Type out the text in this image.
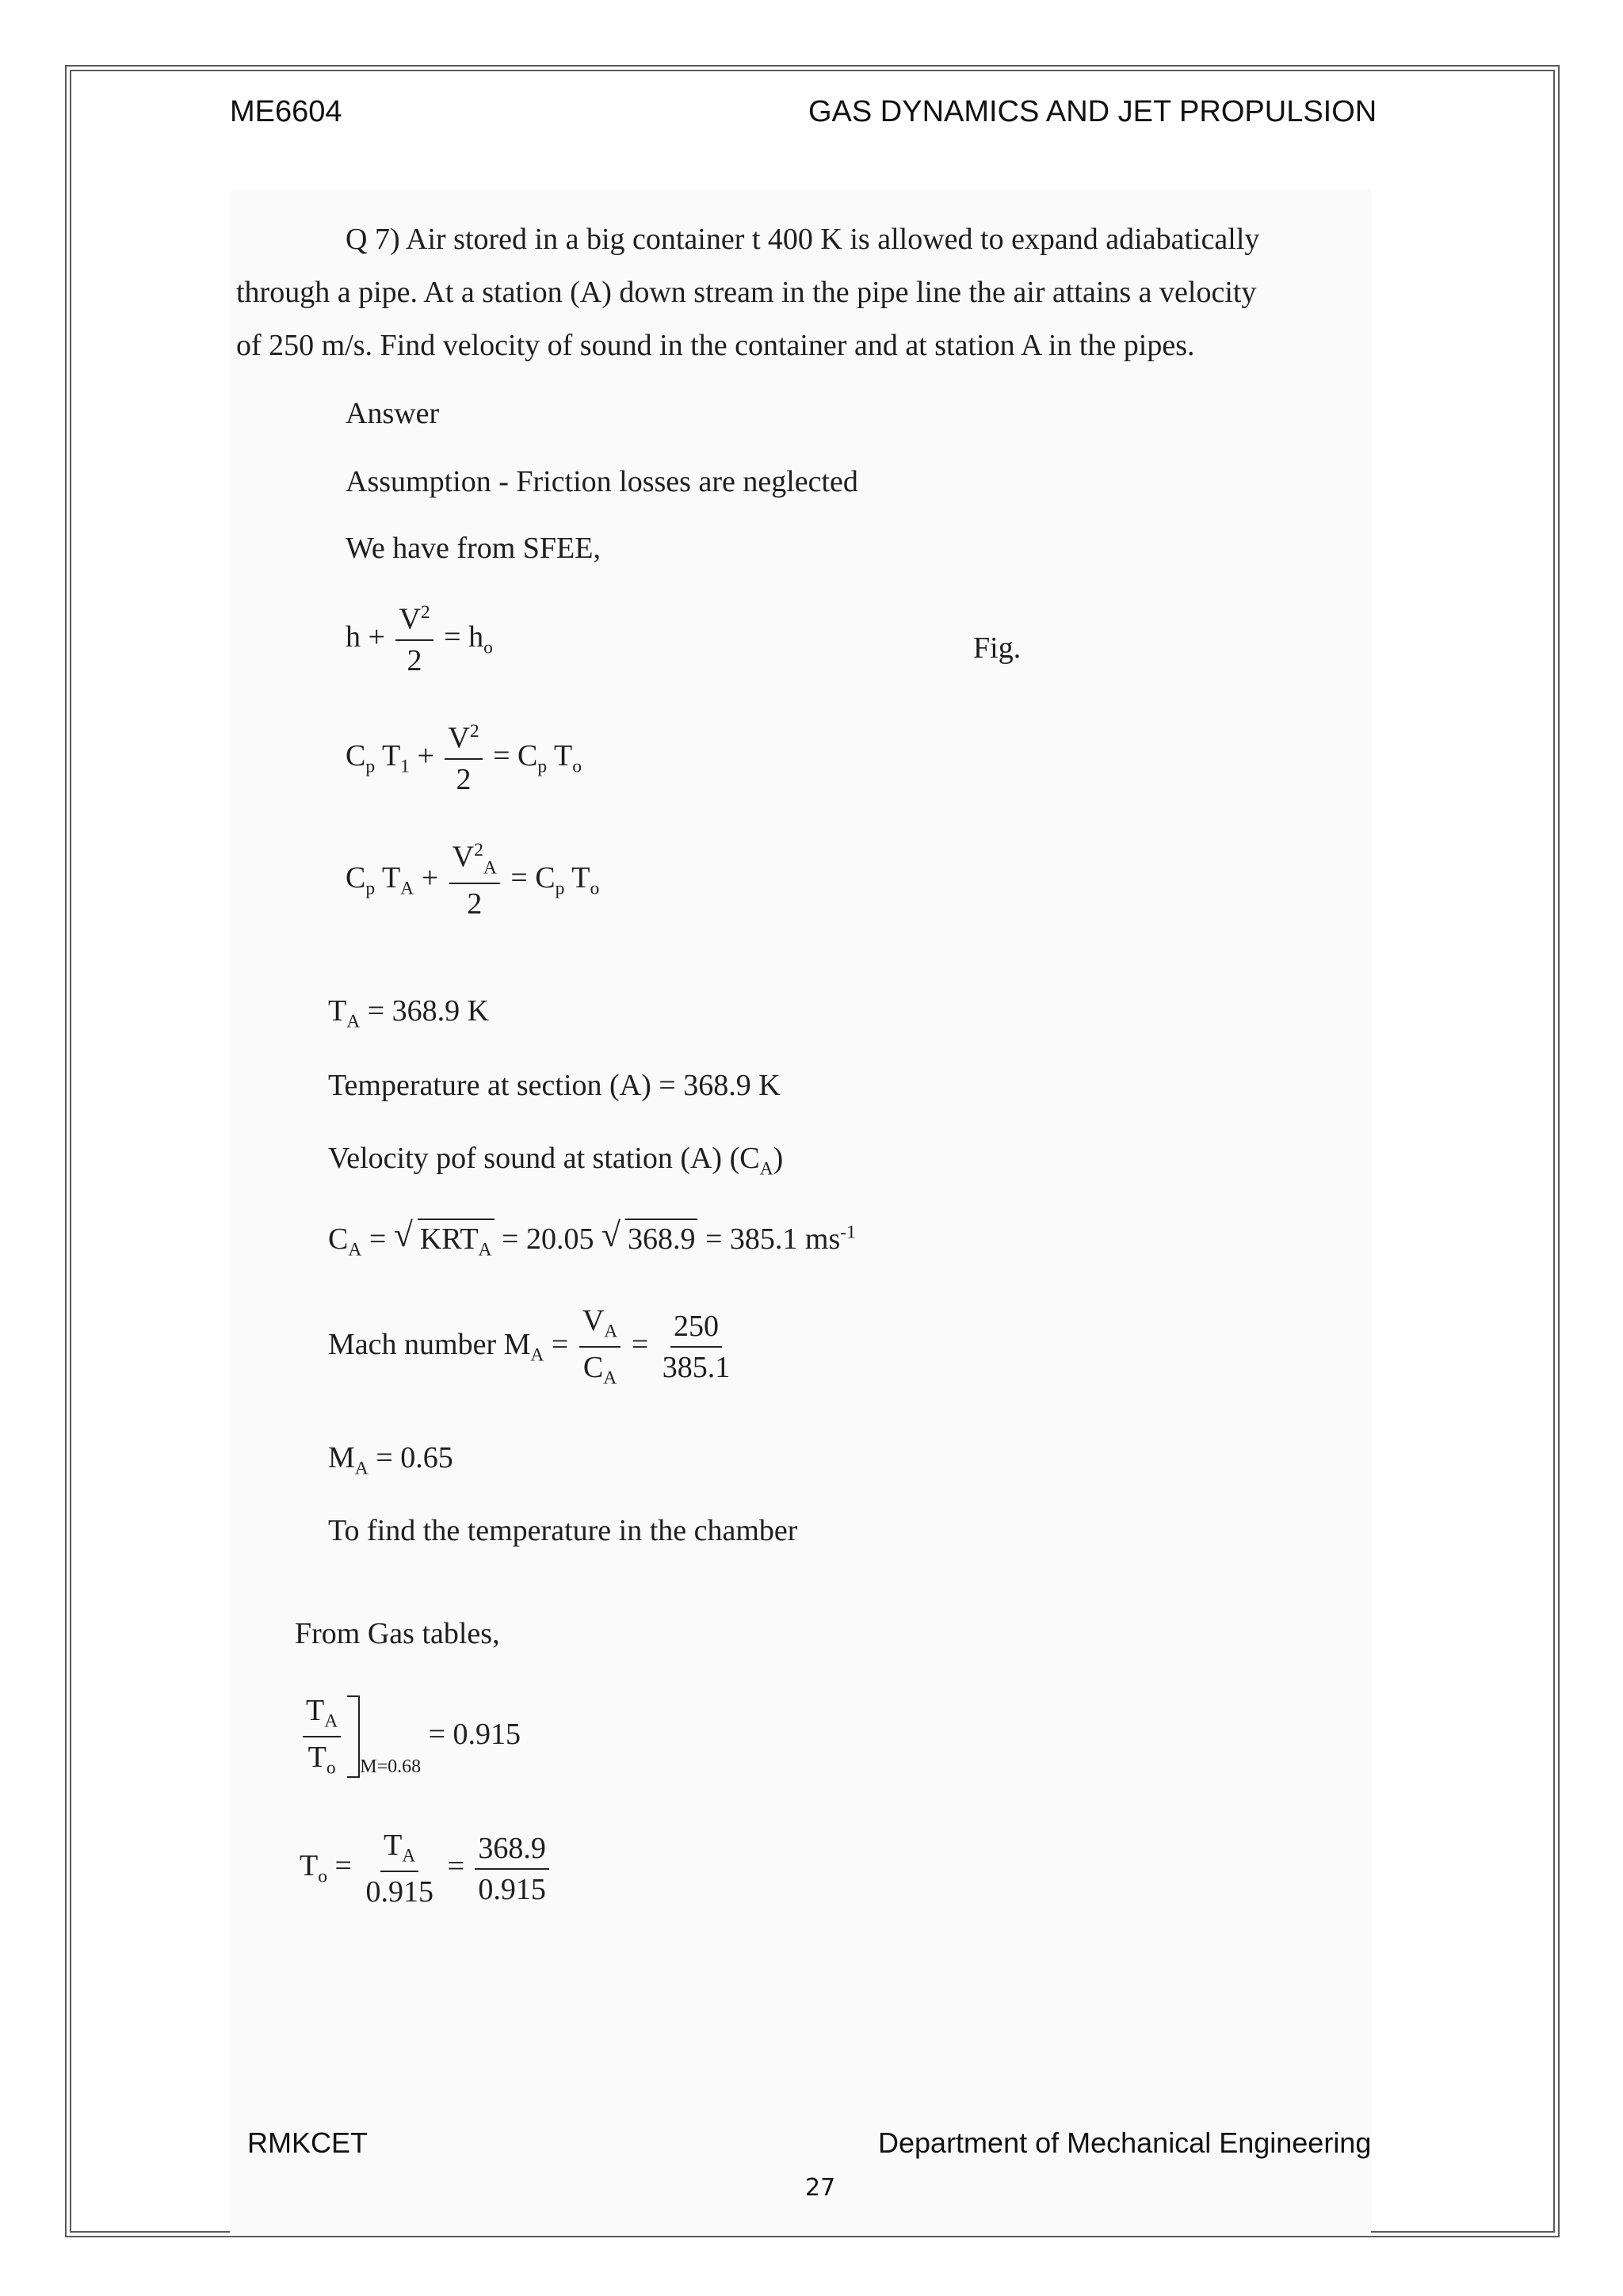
ME6604	GAS DYNAMICS AND JET PROPULSION
Q 7) Air stored in a big container t 400 K is allowed to expand adiabatically
through a pipe. At a station (A) down stream in the pipe line the air attains a velocity
of 250 m/s. Find velocity of sound in the container and at station A in the pipes.
Answer
Assumption - Friction losses are neglected
We have from SFEE,
$h + \frac{V^2}{2} = h_o$	Fig.
$C_p$ $T_1 + \frac{V^2}{2} = C_p$ $T_o$
$C_p$ $T_A + \frac{V^2_A}{2} = C_p$ $T_o$
$T_A = 368.9$ K
Temperature at section (A) = 368.9 K
Velocity pof sound at station (A) $(C_A)$
$C_A$ = √ $KRT_A = 20.05$ √ 368.9 = 385.1 $ms^{-1}$
Mach number $M_A = \frac{V_A}{C_A} = \frac{250}{385.1}$
$M_A = 0.65$
To find the temperature in the chamber
From Gas tables,
$\frac{T_A}{T_o} M=0.68 = 0.915$
$T_o = \frac{T_A}{0.915} = \frac{368.9}{0.915}$
RMKCET	Department of Mechanical Engineering
27
